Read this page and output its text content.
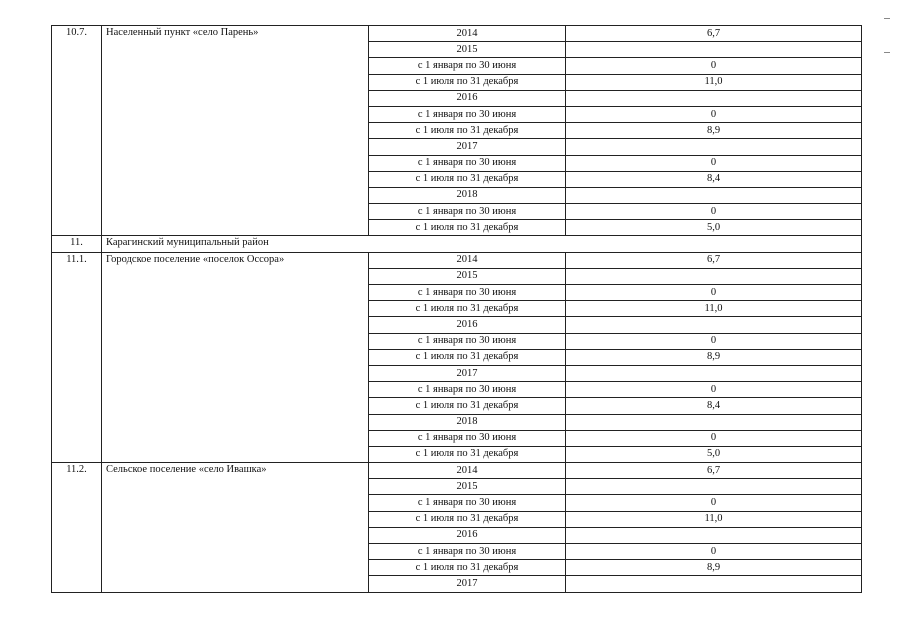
10.7.	Населенный пункт «село Парень»	2014	6,7
		2015	
		с 1 января по 30 июня	0
		с 1 июля по 31 декабря	11,0
		2016	
		с 1 января по 30 июня	0
		с 1 июля по 31 декабря	8,9
		2017	
		с 1 января по 30 июня	0
		с 1 июля по 31 декабря	8,4
		2018	
		с 1 января по 30 июня	0
		с 1 июля по 31 декабря	5,0
11.	Карагинский муниципальный район		
11.1.	Городское поселение «поселок Оссора»	2014	6,7
		2015	
		с 1 января по 30 июня	0
		с 1 июля по 31 декабря	11,0
		2016	
		с 1 января по 30 июня	0
		с 1 июля по 31 декабря	8,9
		2017	
		с 1 января по 30 июня	0
		с 1 июля по 31 декабря	8,4
		2018	
		с 1 января по 30 июня	0
		с 1 июля по 31 декабря	5,0
11.2.	Сельское поселение «село Ивашка»	2014	6,7
		2015	
		с 1 января по 30 июня	0
		с 1 июля по 31 декабря	11,0
		2016	
		с 1 января по 30 июня	0
		с 1 июля по 31 декабря	8,9
		2017	
